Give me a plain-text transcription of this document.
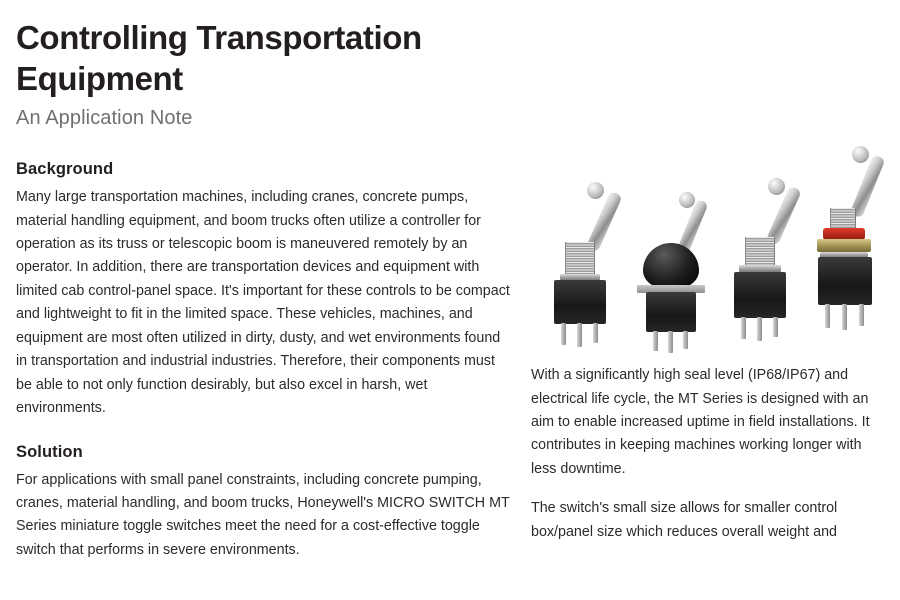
Controlling Transportation Equipment
An Application Note
Background

Many large transportation machines, including cranes, concrete pumps, material handling equipment, and boom trucks often utilize a controller for operation as its truss or telescopic boom is maneuvered remotely by an operator. In addition, there are transportation devices and equipment with limited cab control-panel space. It's important for these controls to be compact and lightweight to fit in the limited space. These vehicles, machines, and equipment are most often utilized in dirty, dusty, and wet environments found in transportation and industrial industries. Therefore, their components must be able to not only function desirably, but also excel in harsh, wet environments.

Solution

For applications with small panel constraints, including concrete pumping, cranes, material handling, and boom trucks, Honeywell's MICRO SWITCH MT Series miniature toggle switches meet the need for a cost-effective toggle switch that performs in severe environments.

With a significantly high seal level (IP68/IP67) and electrical life cycle, the MT Series is designed with an aim to enable increased uptime in field installations. It contributes in keeping machines working longer with less downtime.

The switch's small size allows for smaller control box/panel size which reduces overall weight and
